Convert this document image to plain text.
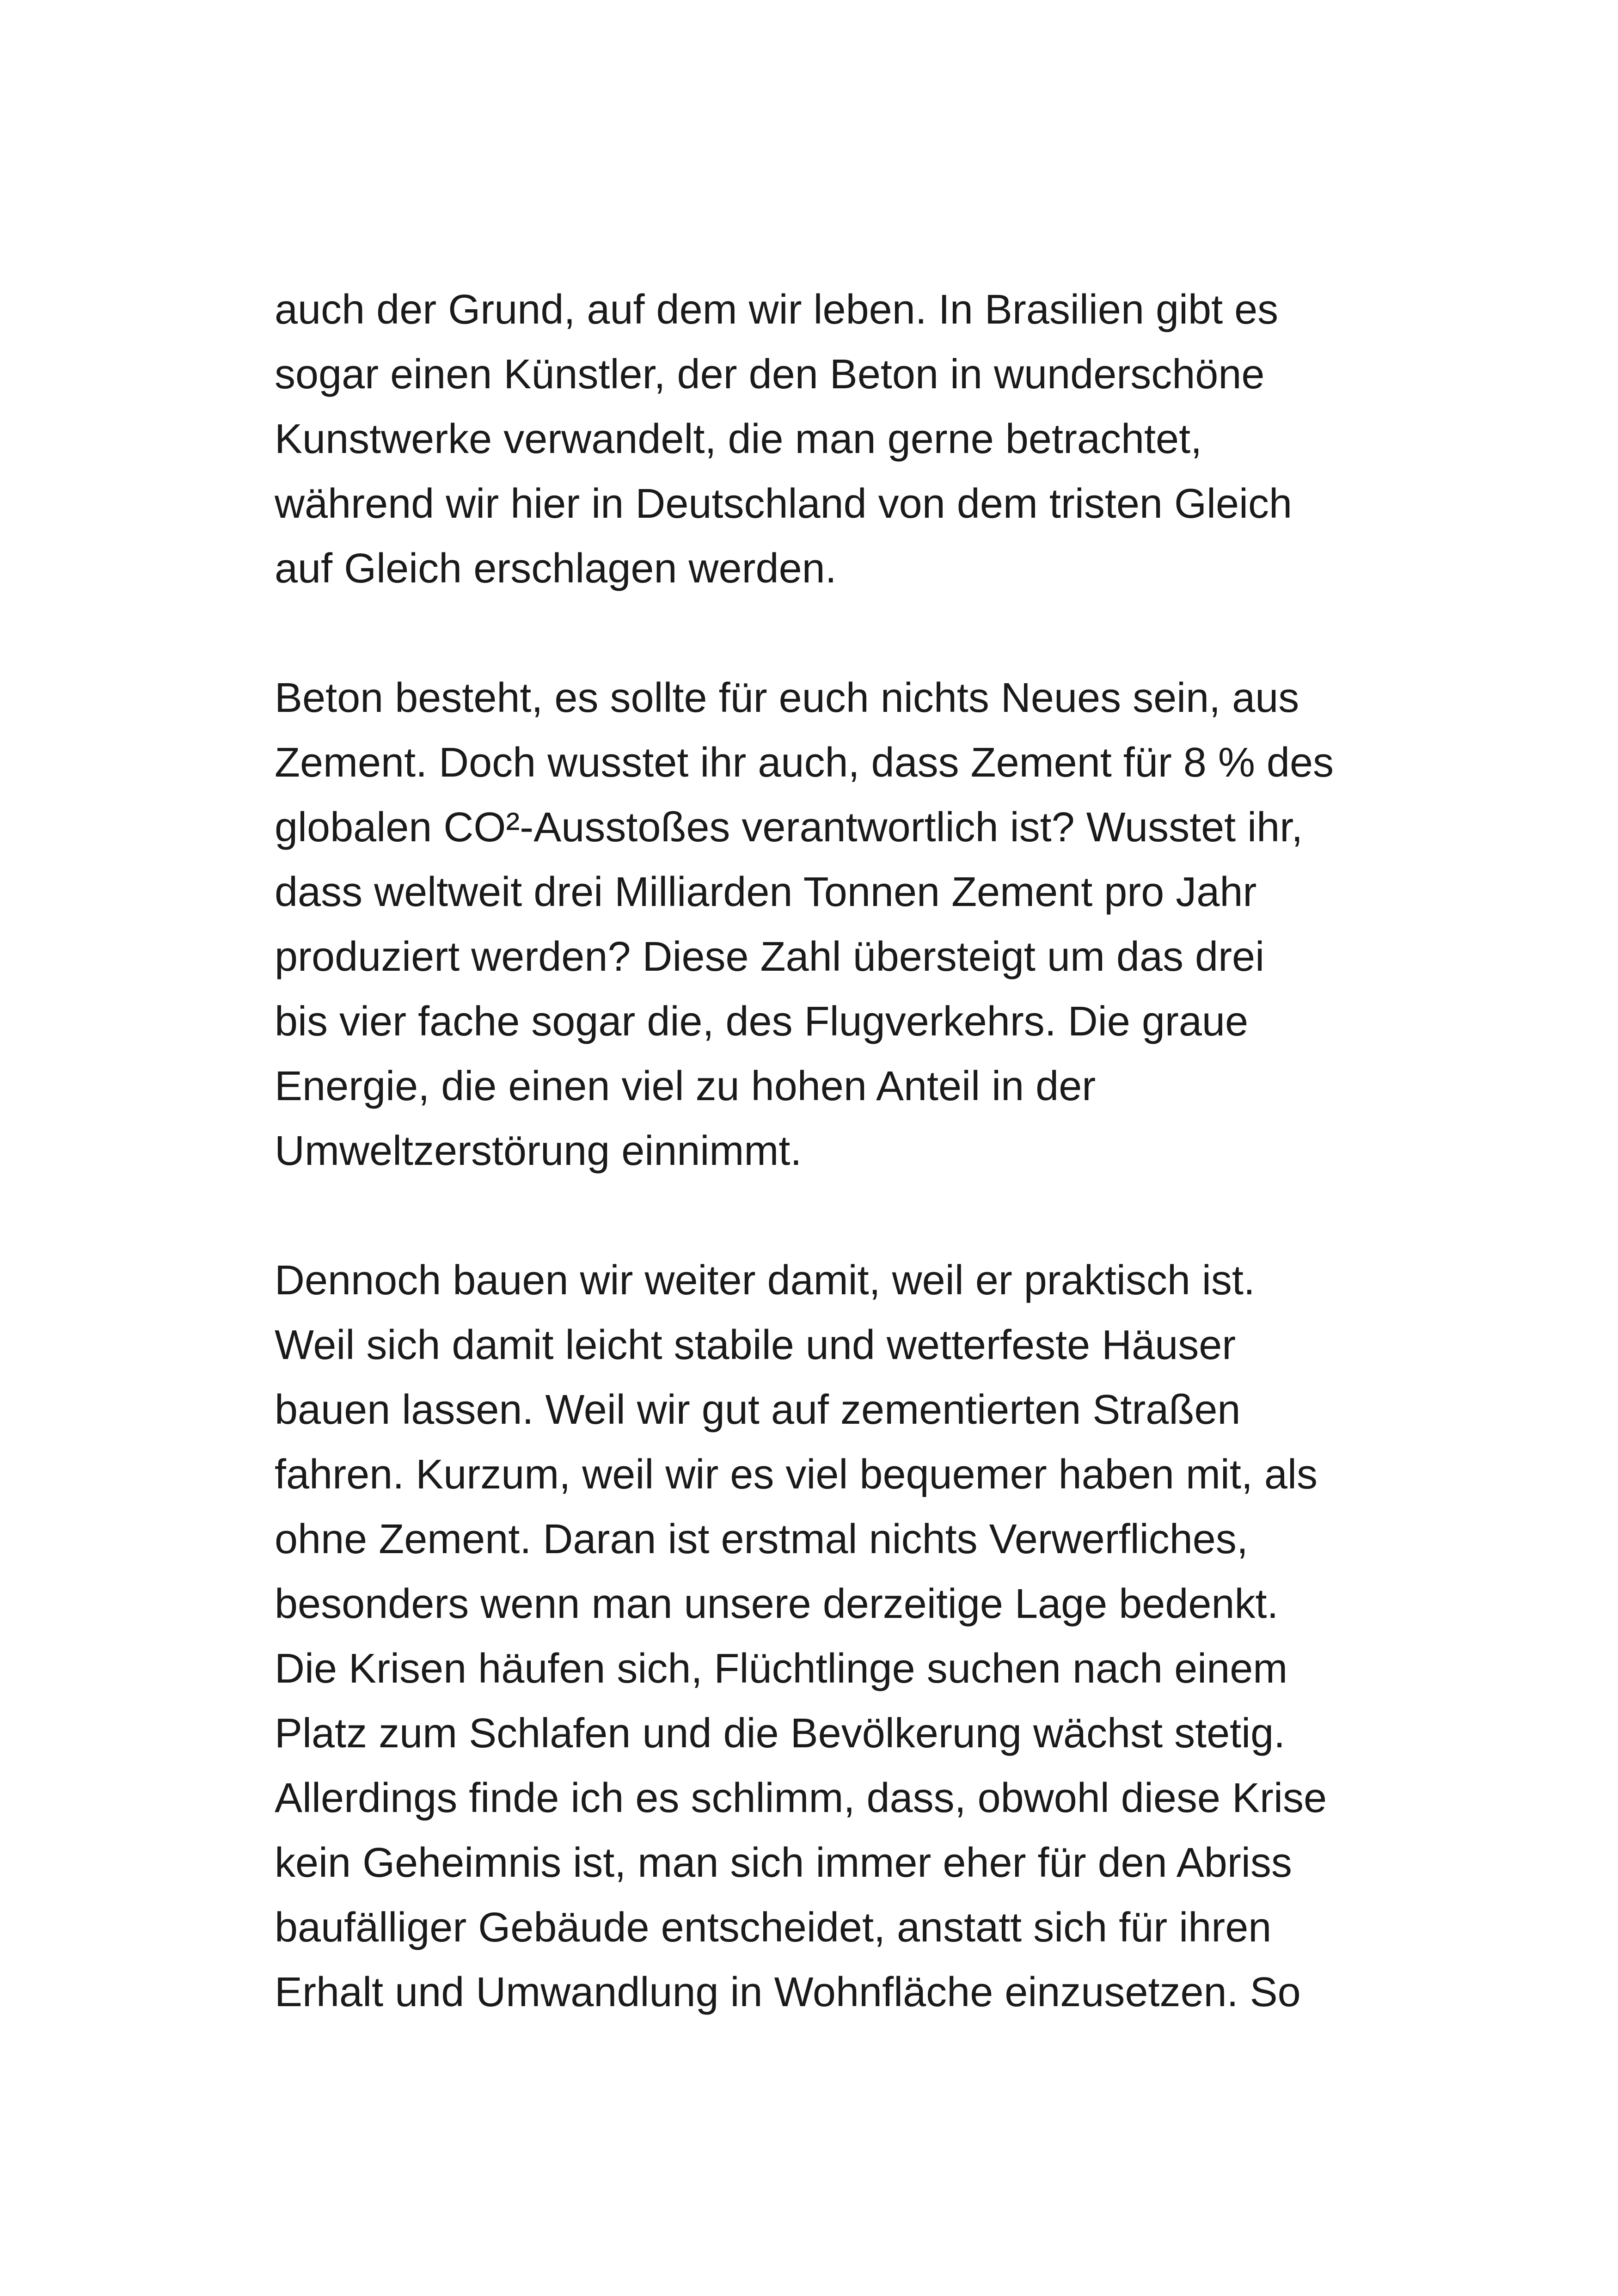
auch der Grund, auf dem wir leben. In Brasilien gibt es
sogar einen Künstler, der den Beton in wunderschöne
Kunstwerke verwandelt, die man gerne betrachtet,
während wir hier in Deutschland von dem tristen Gleich
auf Gleich erschlagen werden.

Beton besteht, es sollte für euch nichts Neues sein, aus
Zement. Doch wusstet ihr auch, dass Zement für 8 % des
globalen CO²-Ausstoßes verantwortlich ist? Wusstet ihr,
dass weltweit drei Milliarden Tonnen Zement pro Jahr
produziert werden? Diese Zahl übersteigt um das drei
bis vier fache sogar die, des Flugverkehrs. Die graue
Energie, die einen viel zu hohen Anteil in der
Umweltzerstörung einnimmt.

Dennoch bauen wir weiter damit, weil er praktisch ist.
Weil sich damit leicht stabile und wetterfeste Häuser
bauen lassen. Weil wir gut auf zementierten Straßen
fahren. Kurzum, weil wir es viel bequemer haben mit, als
ohne Zement. Daran ist erstmal nichts Verwerfliches,
besonders wenn man unsere derzeitige Lage bedenkt.
Die Krisen häufen sich, Flüchtlinge suchen nach einem
Platz zum Schlafen und die Bevölkerung wächst stetig.
Allerdings finde ich es schlimm, dass, obwohl diese Krise
kein Geheimnis ist, man sich immer eher für den Abriss
baufälliger Gebäude entscheidet, anstatt sich für ihren
Erhalt und Umwandlung in Wohnfläche einzusetzen. So
